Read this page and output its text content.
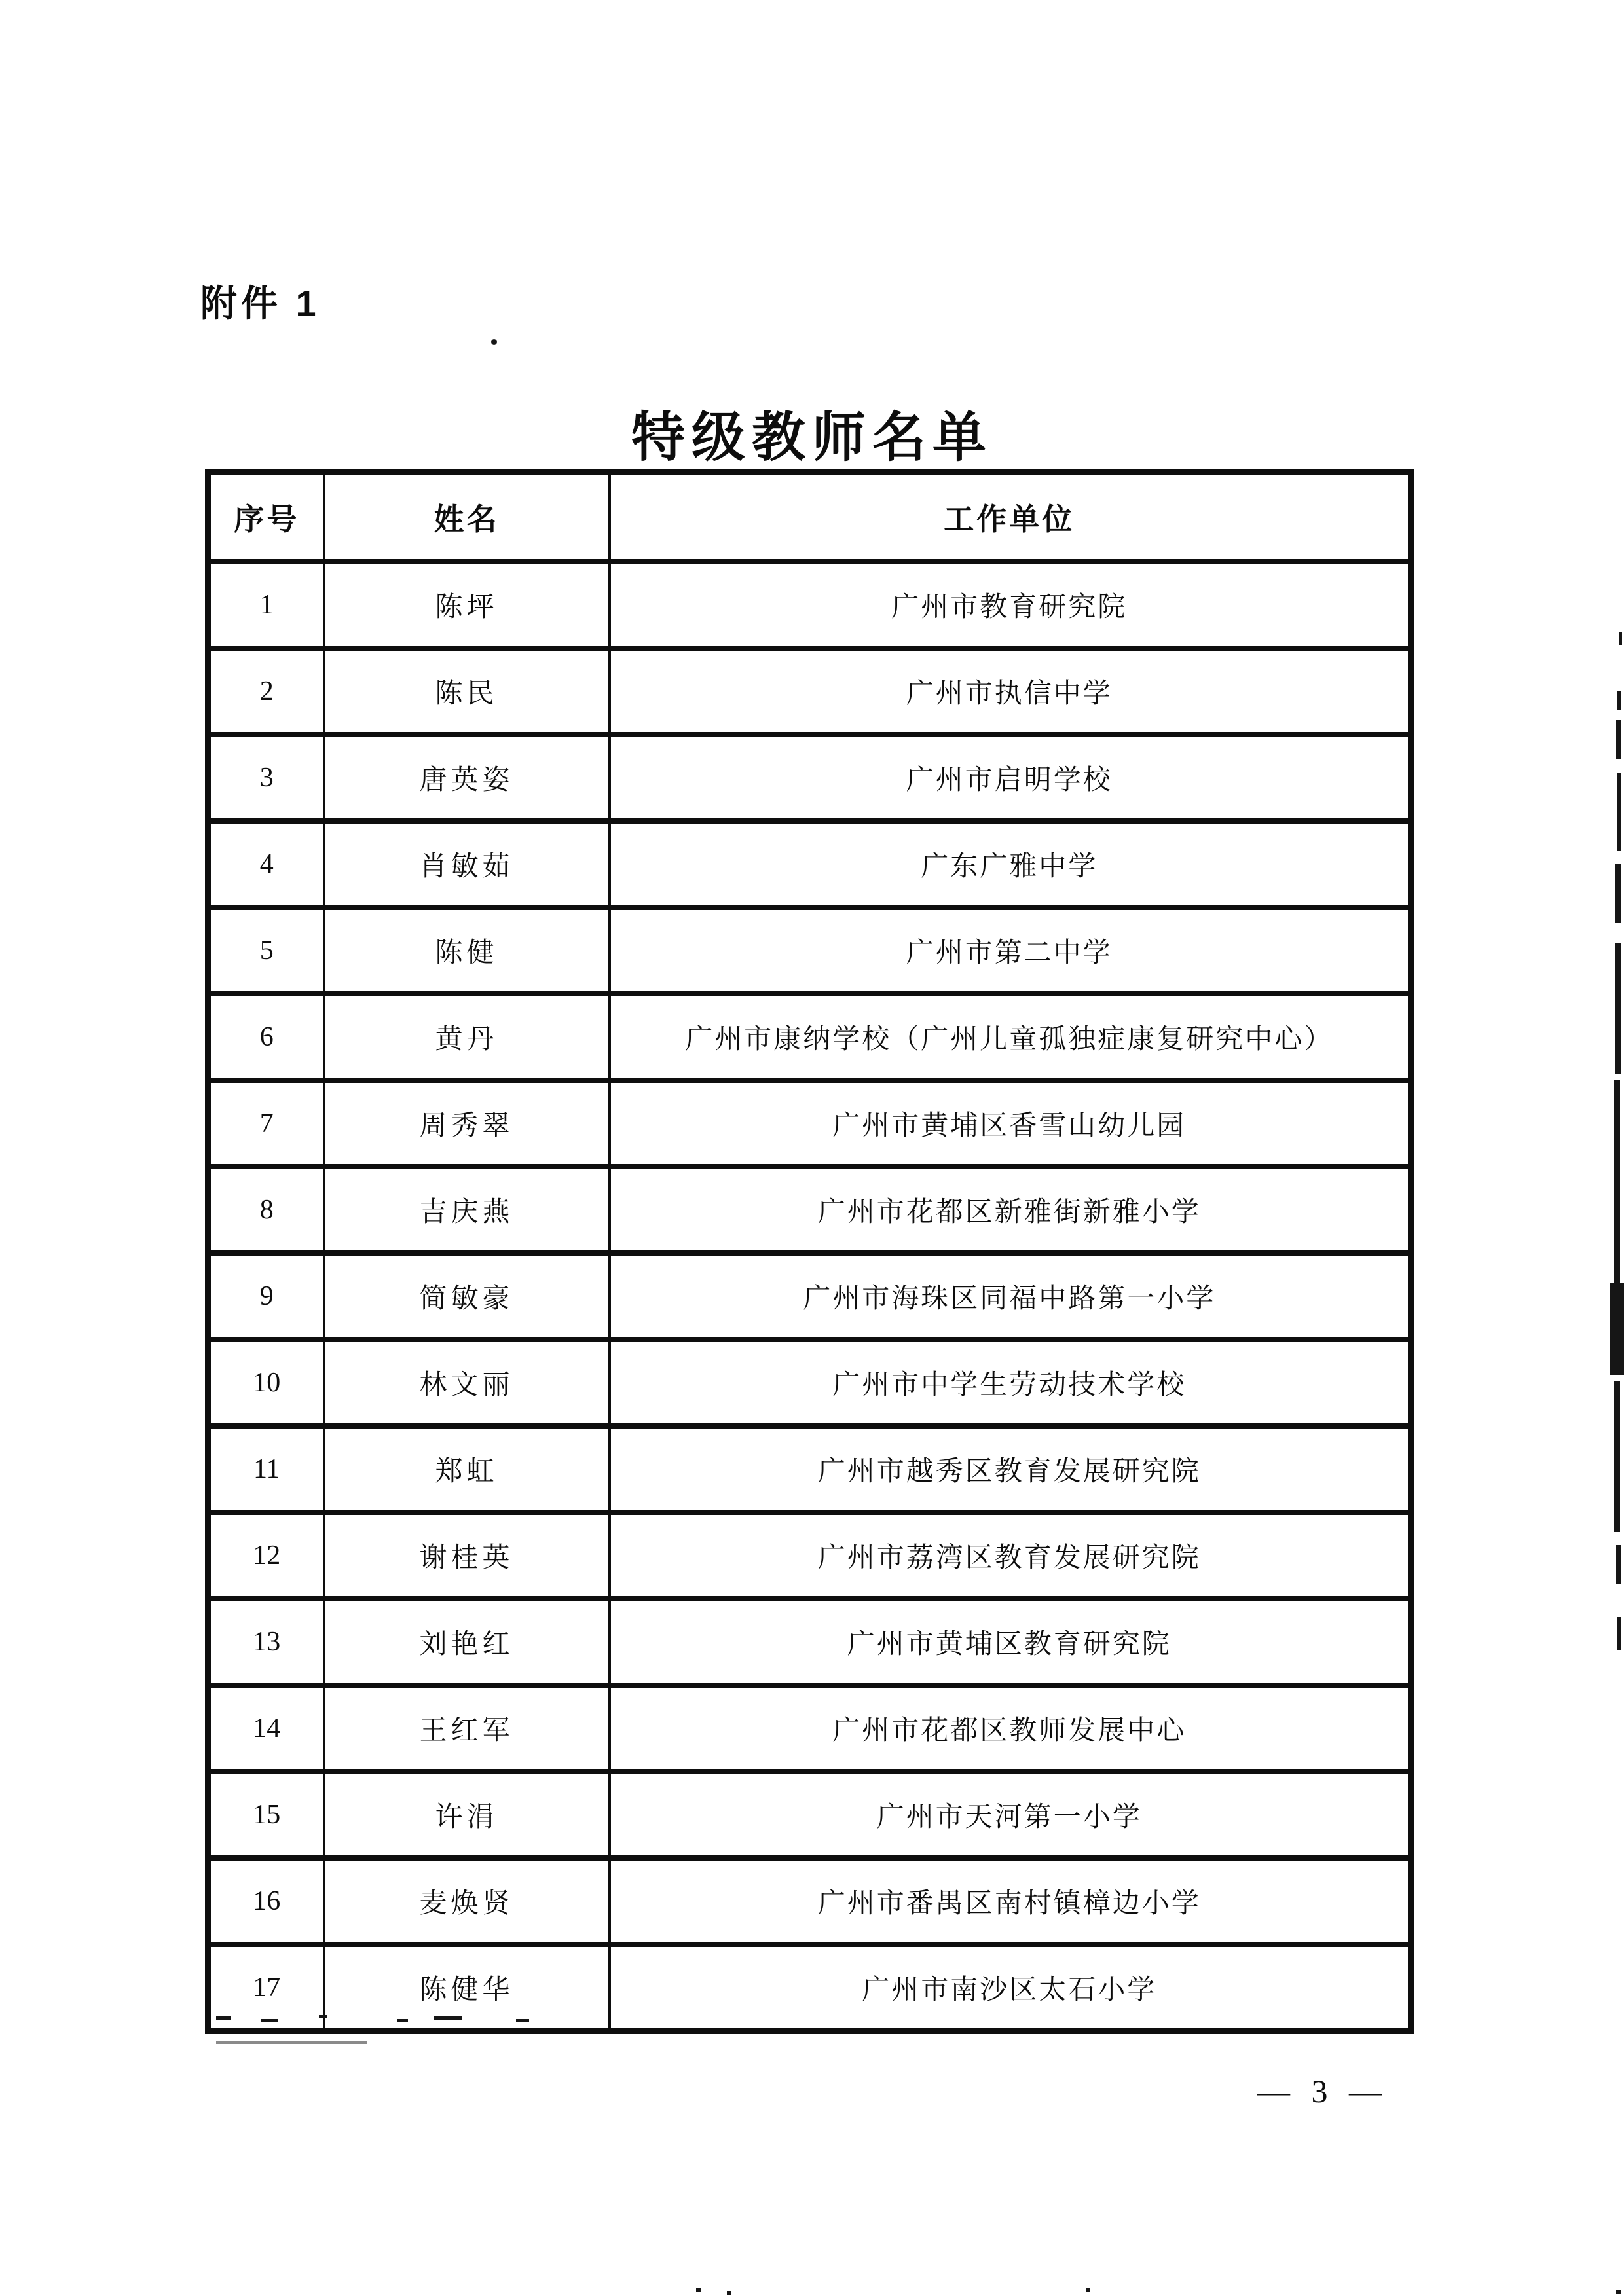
附件 1
特级教师名单
序号	姓名	工作单位
1	陈坪	广州市教育研究院
2	陈民	广州市执信中学
3	唐英姿	广州市启明学校
4	肖敏茹	广东广雅中学
5	陈健	广州市第二中学
6	黄丹	广州市康纳学校（广州儿童孤独症康复研究中心）
7	周秀翠	广州市黄埔区香雪山幼儿园
8	吉庆燕	广州市花都区新雅街新雅小学
9	简敏豪	广州市海珠区同福中路第一小学
10	林文丽	广州市中学生劳动技术学校
11	郑虹	广州市越秀区教育发展研究院
12	谢桂英	广州市荔湾区教育发展研究院
13	刘艳红	广州市黄埔区教育研究院
14	王红军	广州市花都区教师发展中心
15	许涓	广州市天河第一小学
16	麦焕贤	广州市番禺区南村镇樟边小学
17	陈健华	广州市南沙区太石小学
— 3 —
